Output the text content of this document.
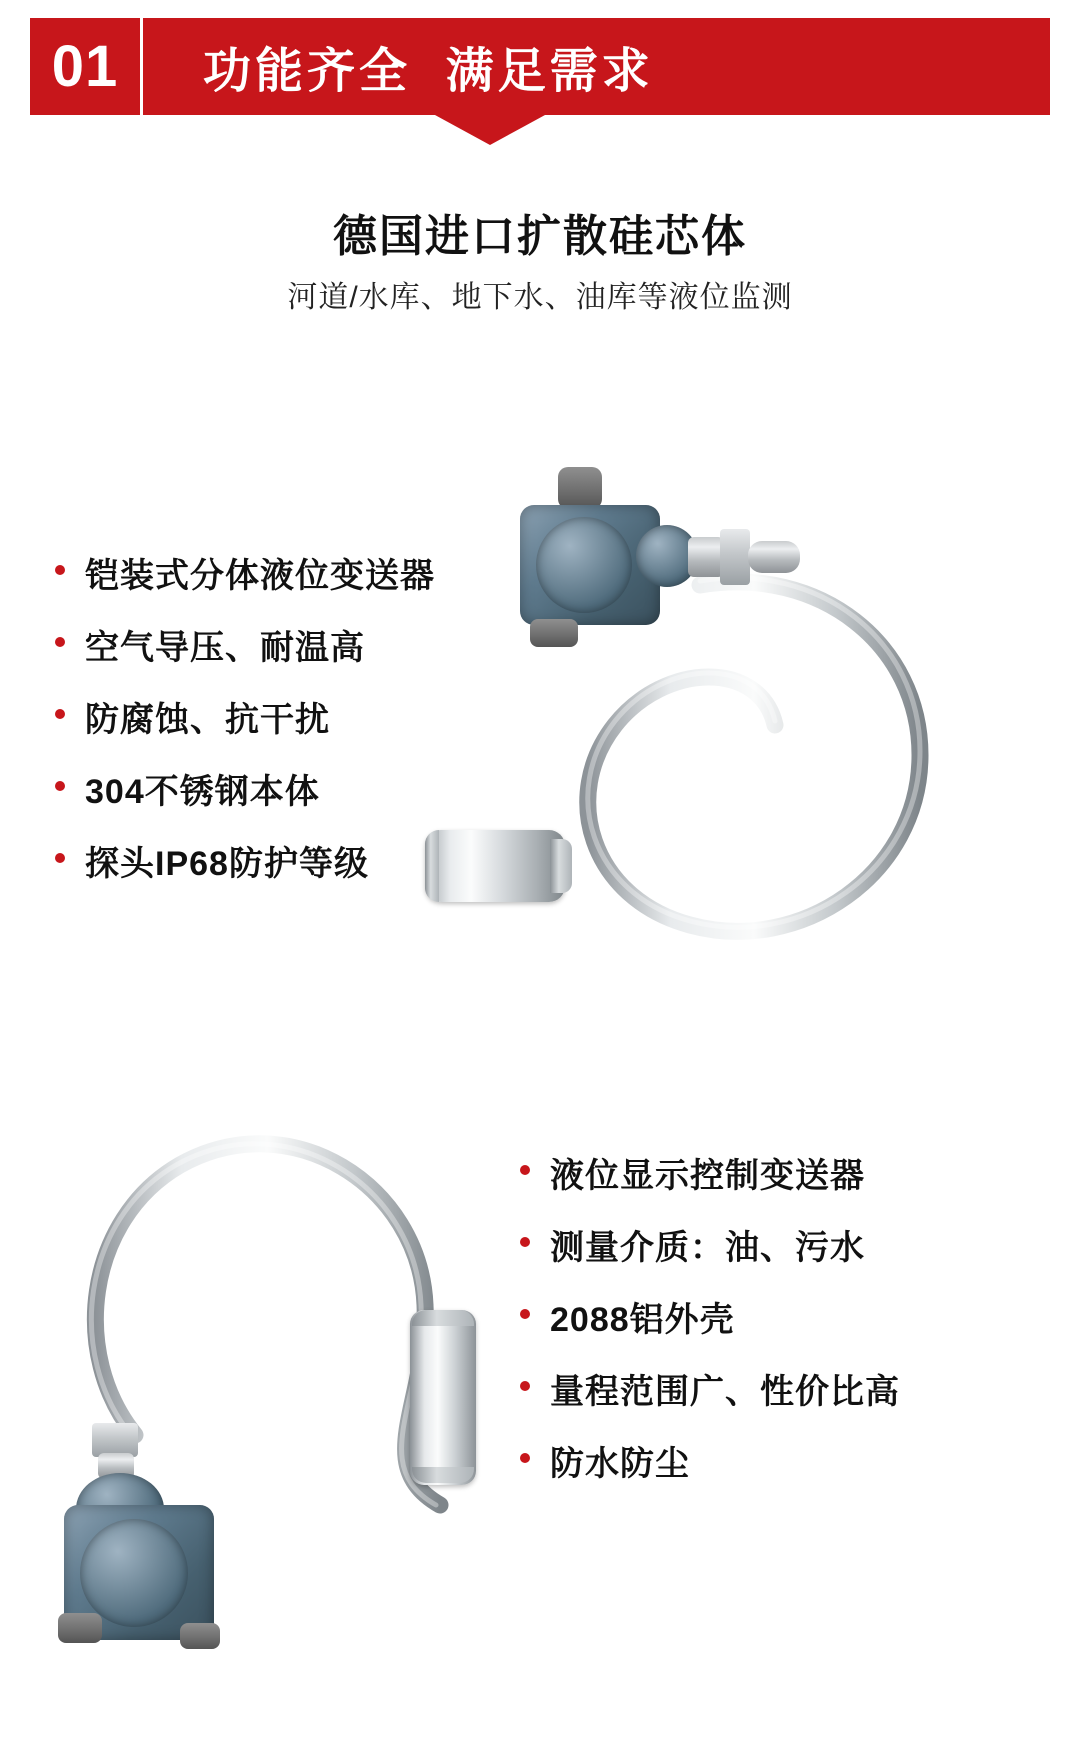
01	功能齐全  满足需求
德国进口扩散硅芯体
河道/水库、地下水、油库等液位监测
铠装式分体液位变送器
空气导压、耐温高
防腐蚀、抗干扰
304不锈钢本体
探头IP68防护等级
液位显示控制变送器
测量介质：油、污水
2088铝外壳
量程范围广、性价比高
防水防尘
